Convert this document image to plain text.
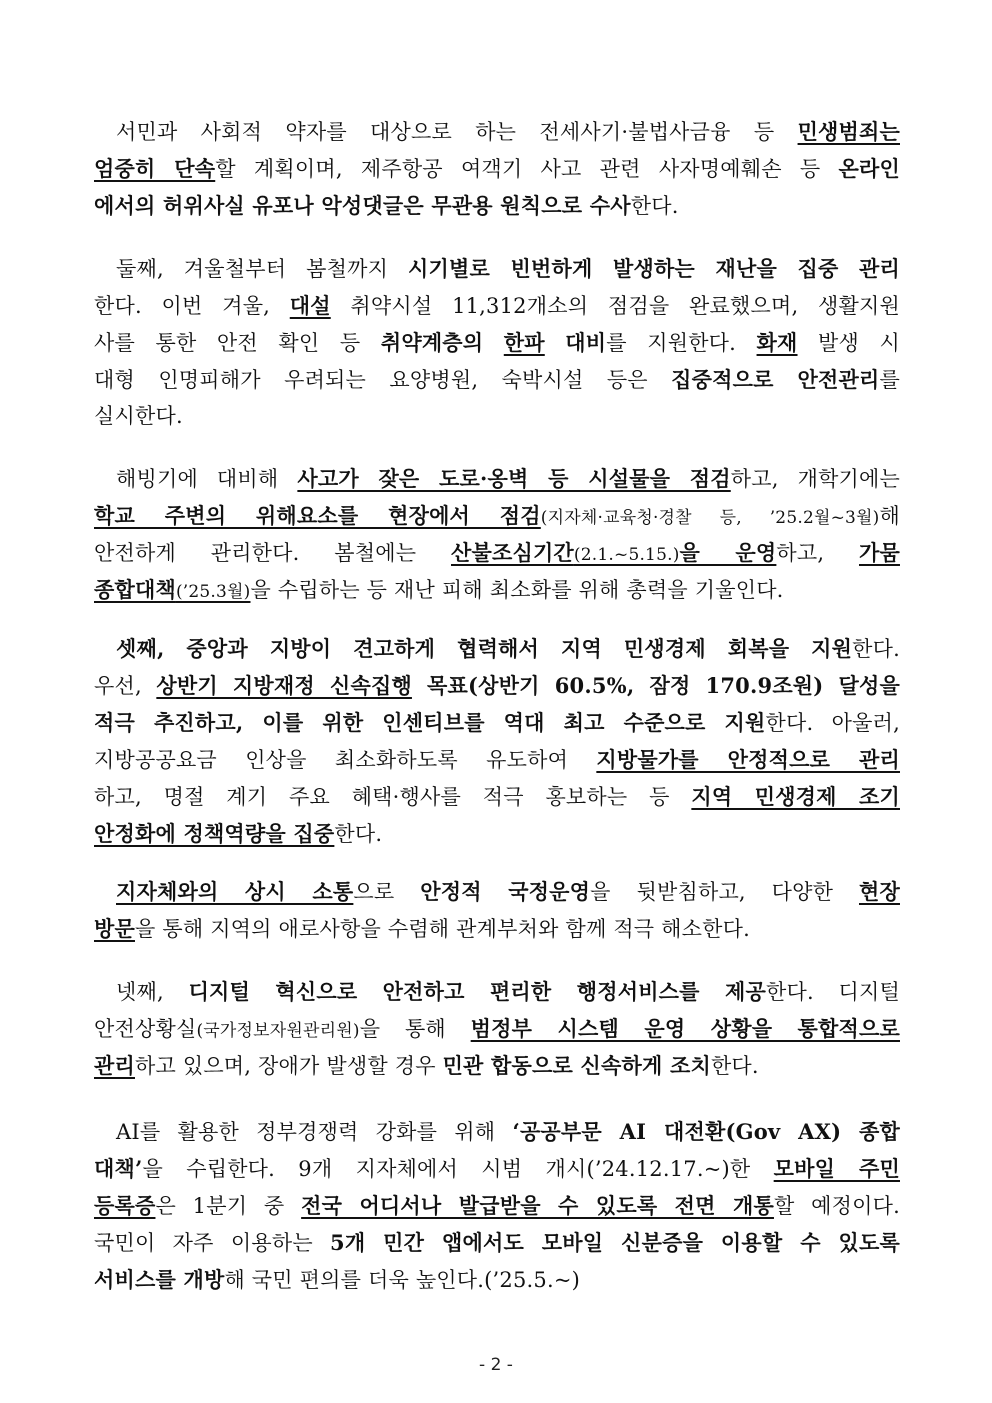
서민과 사회적 약자를 대상으로 하는 전세사기·불법사금융 등 민생범죄는
엄중히 단속할 계획이며, 제주항공 여객기 사고 관련 사자명예훼손 등 온라인
에서의 허위사실 유포나 악성댓글은 무관용 원칙으로 수사한다.
둘째, 겨울철부터 봄철까지 시기별로 빈번하게 발생하는 재난을 집중 관리
한다. 이번 겨울, 대설 취약시설 11,312개소의 점검을 완료했으며, 생활지원
사를 통한 안전 확인 등 취약계층의 한파 대비를 지원한다. 화재 발생 시
대형 인명피해가 우려되는 요양병원, 숙박시설 등은 집중적으로 안전관리를
실시한다.
해빙기에 대비해 사고가 잦은 도로·옹벽 등 시설물을 점검하고, 개학기에는
학교 주변의 위해요소를 현장에서 점검(지자체·교육청·경찰 등, ’25.2월~3월)해
안전하게 관리한다. 봄철에는 산불조심기간(2.1.~5.15.)을 운영하고, 가뭄
종합대책(’25.3월)을 수립하는 등 재난 피해 최소화를 위해 총력을 기울인다.
셋째, 중앙과 지방이 견고하게 협력해서 지역 민생경제 회복을 지원한다.
우선, 상반기 지방재정 신속집행 목표(상반기 60.5%, 잠정 170.9조원) 달성을
적극 추진하고, 이를 위한 인센티브를 역대 최고 수준으로 지원한다. 아울러,
지방공공요금 인상을 최소화하도록 유도하여 지방물가를 안정적으로 관리
하고, 명절 계기 주요 혜택·행사를 적극 홍보하는 등 지역 민생경제 조기
안정화에 정책역량을 집중한다.
지자체와의 상시 소통으로 안정적 국정운영을 뒷받침하고, 다양한 현장
방문을 통해 지역의 애로사항을 수렴해 관계부처와 함께 적극 해소한다.
넷째, 디지털 혁신으로 안전하고 편리한 행정서비스를 제공한다. 디지털
안전상황실(국가정보자원관리원)을 통해 범정부 시스템 운영 상황을 통합적으로
관리하고 있으며, 장애가 발생할 경우 민관 합동으로 신속하게 조치한다.
AI를 활용한 정부경쟁력 강화를 위해 ‘공공부문 AI 대전환(Gov AX) 종합
대책’을 수립한다. 9개 지자체에서 시범 개시(’24.12.17.~)한 모바일 주민
등록증은 1분기 중 전국 어디서나 발급받을 수 있도록 전면 개통할 예정이다.
국민이 자주 이용하는 5개 민간 앱에서도 모바일 신분증을 이용할 수 있도록
서비스를 개방해 국민 편의를 더욱 높인다.(’25.5.~)
- 2 -
